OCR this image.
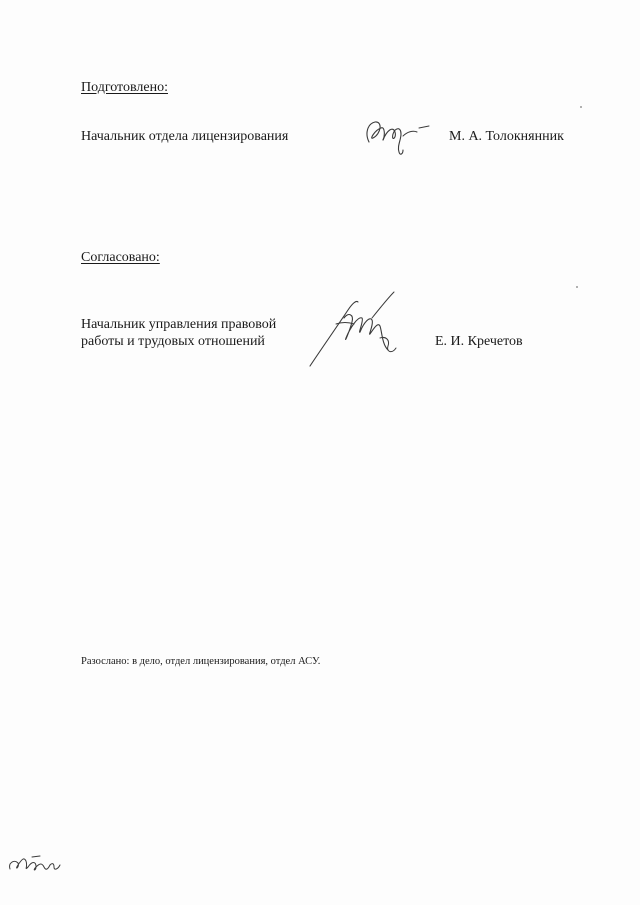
Подготовлено:
Начальник отдела лицензирования	М. А. Толокнянник
Согласовано:
Начальник управления правовой
работы и трудовых отношений	Е. И. Кречетов
Разослано: в дело, отдел лицензирования, отдел АСУ.
